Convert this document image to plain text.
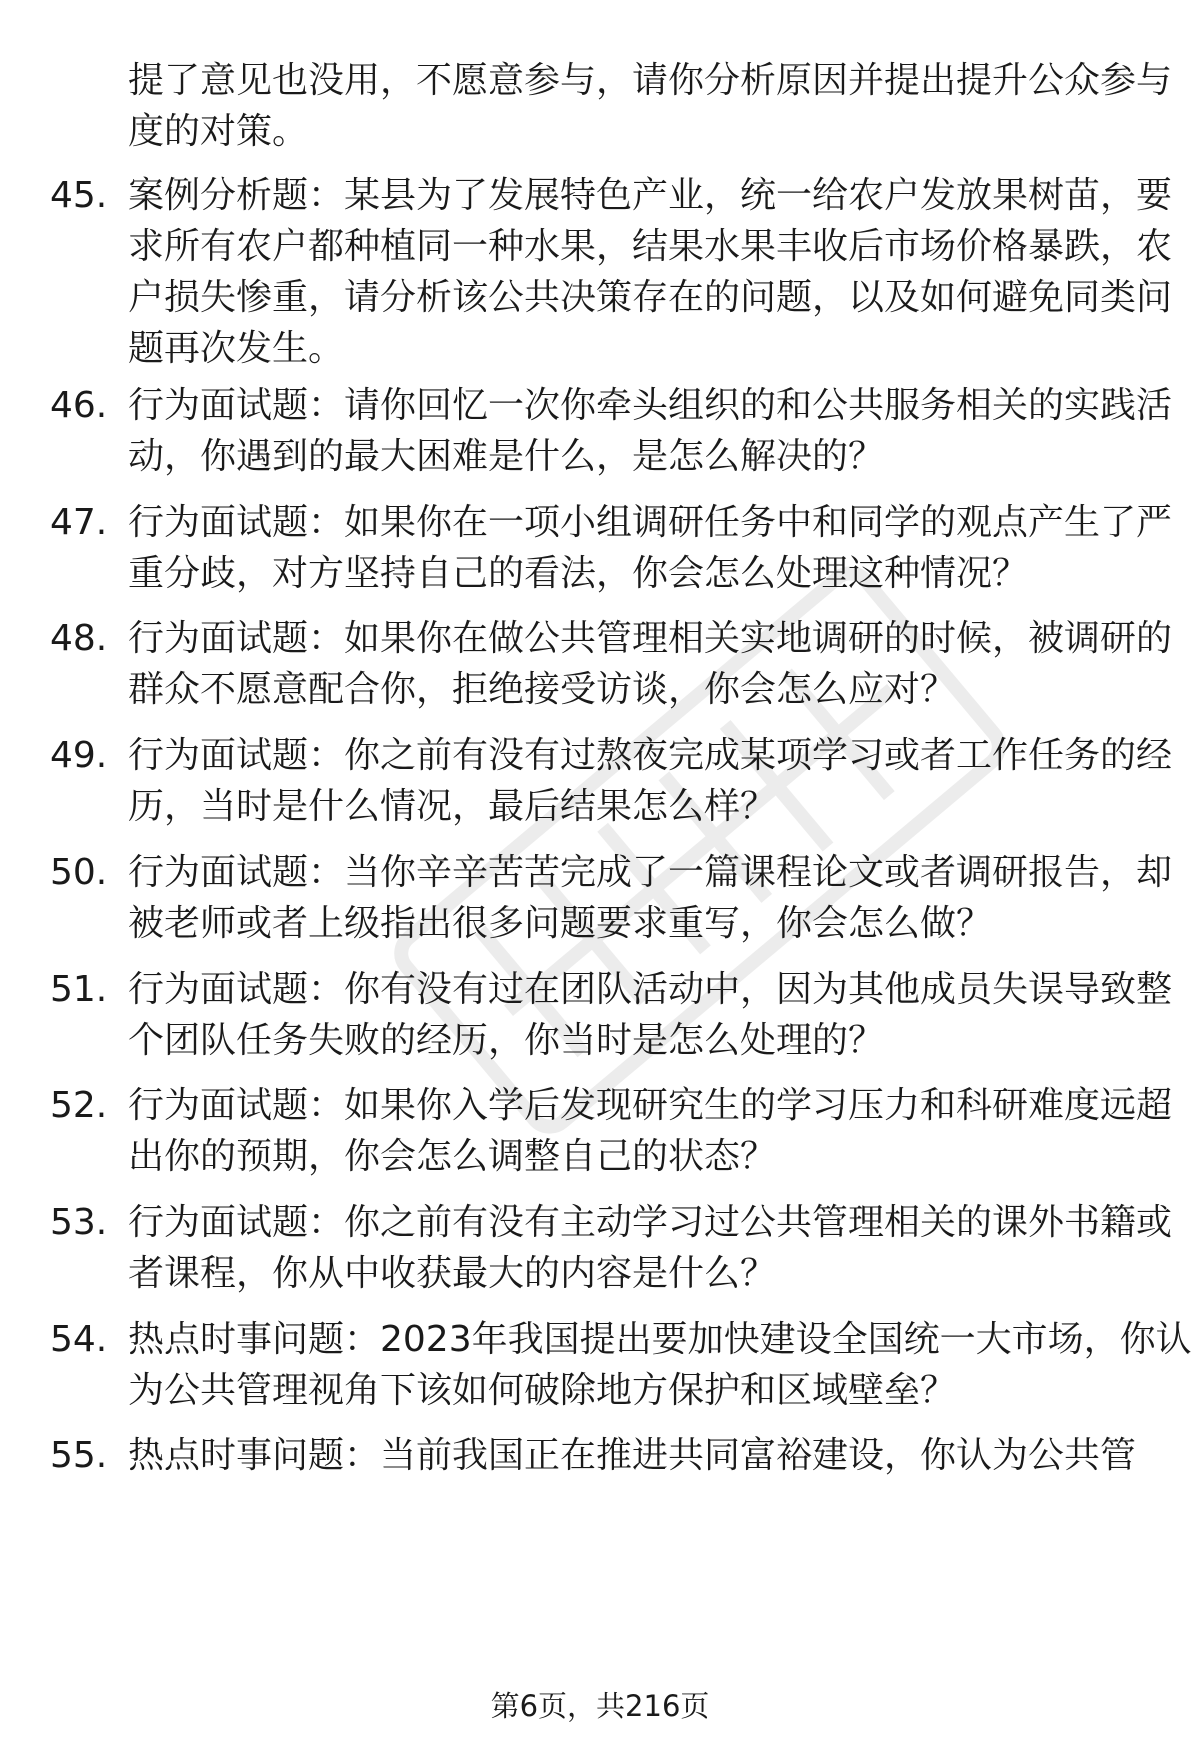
提了意见也没用，不愿意参与，请你分析原因并提出提升公众参与度的对策。
45. 案例分析题：某县为了发展特色产业，统一给农户发放果树苗，要求所有农户都种植同一种水果，结果水果丰收后市场价格暴跌，农户损失惨重，请分析该公共决策存在的问题，以及如何避免同类问题再次发生。
46. 行为面试题：请你回忆一次你牵头组织的和公共服务相关的实践活动，你遇到的最大困难是什么，是怎么解决的？
47. 行为面试题：如果你在一项小组调研任务中和同学的观点产生了严重分歧，对方坚持自己的看法，你会怎么处理这种情况？
48. 行为面试题：如果你在做公共管理相关实地调研的时候，被调研的群众不愿意配合你，拒绝接受访谈，你会怎么应对？
49. 行为面试题：你之前有没有过熬夜完成某项学习或者工作任务的经历，当时是什么情况，最后结果怎么样？
50. 行为面试题：当你辛辛苦苦完成了一篇课程论文或者调研报告，却被老师或者上级指出很多问题要求重写，你会怎么做？
51. 行为面试题：你有没有过在团队活动中，因为其他成员失误导致整个团队任务失败的经历，你当时是怎么处理的？
52. 行为面试题：如果你入学后发现研究生的学习压力和科研难度远超出你的预期，你会怎么调整自己的状态？
53. 行为面试题：你之前有没有主动学习过公共管理相关的课外书籍或者课程，你从中收获最大的内容是什么？
54. 热点时事问题：2023年我国提出要加快建设全国统一大市场，你认为公共管理视角下该如何破除地方保护和区域壁垒？
55. 热点时事问题：当前我国正在推进共同富裕建设，你认为公共管
第6页，共216页
